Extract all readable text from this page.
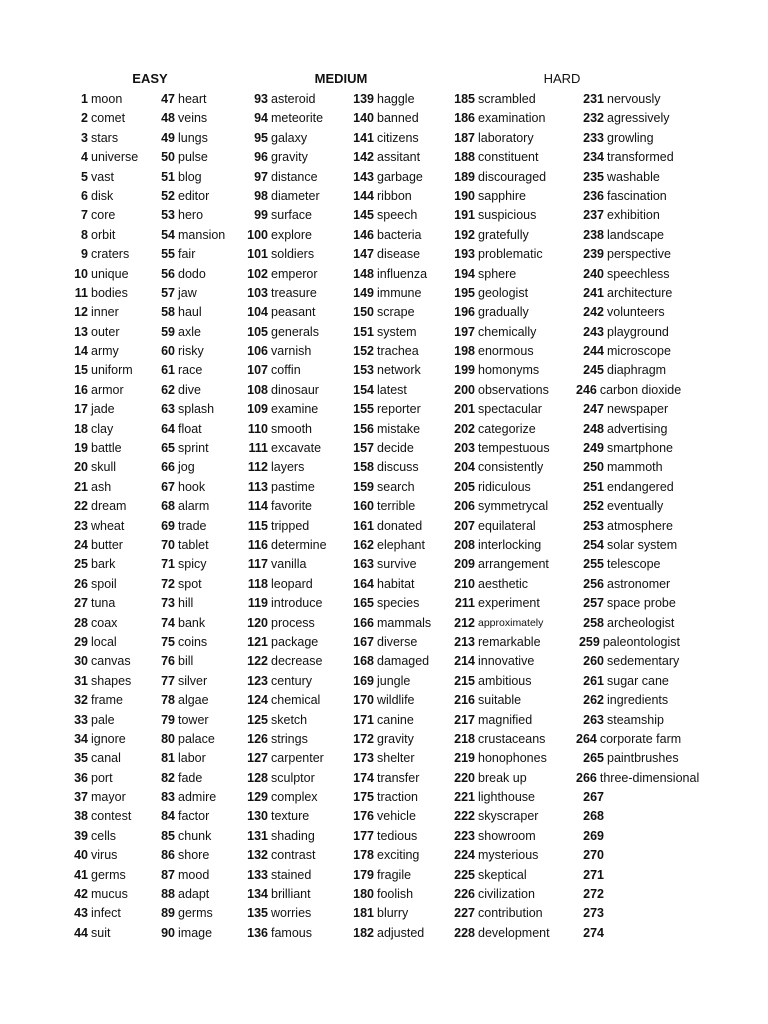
EASY	MEDIUM	HARD
1 moon
2 comet
3 stars
4 universe
5 vast
6 disk
7 core
8 orbit
9 craters
10 unique
11 bodies
12 inner
13 outer
14 army
15 uniform
16 armor
17 jade
18 clay
19 battle
20 skull
21 ash
22 dream
23 wheat
24 butter
25 bark
26 spoil
27 tuna
28 coax
29 local
30 canvas
31 shapes
32 frame
33 pale
34 ignore
35 canal
36 port
37 mayor
38 contest
39 cells
40 virus
41 germs
42 mucus
43 infect
44 suit
47 heart
48 veins
49 lungs
50 pulse
51 blog
52 editor
53 hero
54 mansion
55 fair
56 dodo
57 jaw
58 haul
59 axle
60 risky
61 race
62 dive
63 splash
64 float
65 sprint
66 jog
67 hook
68 alarm
69 trade
70 tablet
71 spicy
72 spot
73 hill
74 bank
75 coins
76 bill
77 silver
78 algae
79 tower
80 palace
81 labor
82 fade
83 admire
84 factor
85 chunk
86 shore
87 mood
88 adapt
89 germs
90 image
93 asteroid
94 meteorite
95 galaxy
96 gravity
97 distance
98 diameter
99 surface
100 explore
101 soldiers
102 emperor
103 treasure
104 peasant
105 generals
106 varnish
107 coffin
108 dinosaur
109 examine
110 smooth
111 excavate
112 layers
113 pastime
114 favorite
115 tripped
116 determine
117 vanilla
118 leopard
119 introduce
120 process
121 package
122 decrease
123 century
124 chemical
125 sketch
126 strings
127 carpenter
128 sculptor
129 complex
130 texture
131 shading
132 contrast
133 stained
134 brilliant
135 worries
136 famous
139 haggle
140 banned
141 citizens
142 assitant
143 garbage
144 ribbon
145 speech
146 bacteria
147 disease
148 influenza
149 immune
150 scrape
151 system
152 trachea
153 network
154 latest
155 reporter
156 mistake
157 decide
158 discuss
159 search
160 terrible
161 donated
162 elephant
163 survive
164 habitat
165 species
166 mammals
167 diverse
168 damaged
169 jungle
170 wildlife
171 canine
172 gravity
173 shelter
174 transfer
175 traction
176 vehicle
177 tedious
178 exciting
179 fragile
180 foolish
181 blurry
182 adjusted
185 scrambled
186 examination
187 laboratory
188 constituent
189 discouraged
190 sapphire
191 suspicious
192 gratefully
193 problematic
194 sphere
195 geologist
196 gradually
197 chemically
198 enormous
199 homonyms
200 observations
201 spectacular
202 categorize
203 tempestuous
204 consistently
205 ridiculous
206 symmetrycal
207 equilateral
208 interlocking
209 arrangement
210 aesthetic
211 experiment
212 approximately
213 remarkable
214 innovative
215 ambitious
216 suitable
217 magnified
218 crustaceans
219 honophones
220 break up
221 lighthouse
222 skyscraper
223 showroom
224 mysterious
225 skeptical
226 civilization
227 contribution
228 development
231 nervously
232 agressively
233 growling
234 transformed
235 washable
236 fascination
237 exhibition
238 landscape
239 perspective
240 speechless
241 architecture
242 volunteers
243 playground
244 microscope
245 diaphragm
246 carbon dioxide
247 newspaper
248 advertising
249 smartphone
250 mammoth
251 endangered
252 eventually
253 atmosphere
254 solar system
255 telescope
256 astronomer
257 space probe
258 archeologist
259 paleontologist
260 sedementary
261 sugar cane
262 ingredients
263 steamship
264 corporate farm
265 paintbrushes
266 three-dimensional
267
268
269
270
271
272
273
274
